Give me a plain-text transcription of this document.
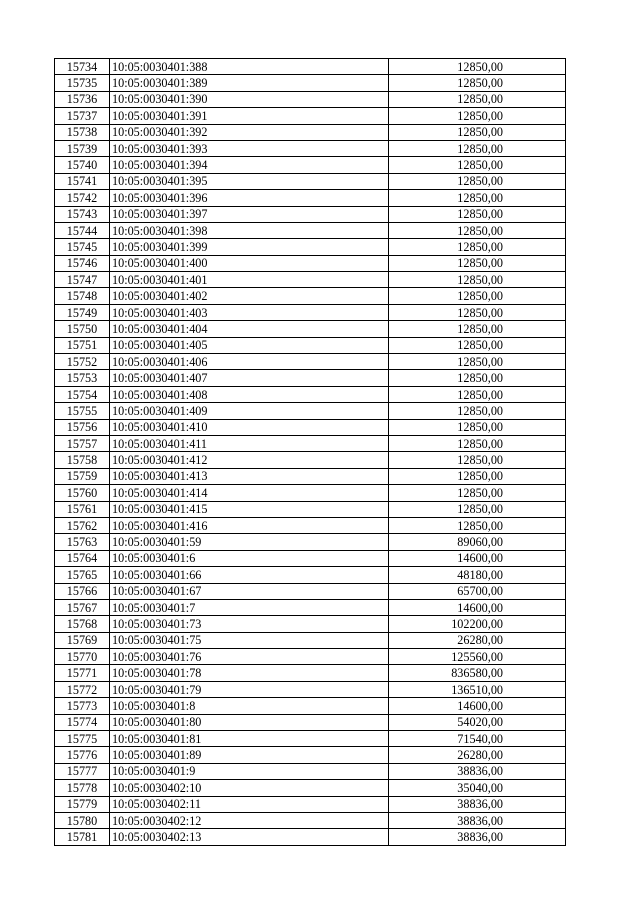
15734	10:05:0030401:388	12850,00
15735	10:05:0030401:389	12850,00
15736	10:05:0030401:390	12850,00
15737	10:05:0030401:391	12850,00
15738	10:05:0030401:392	12850,00
15739	10:05:0030401:393	12850,00
15740	10:05:0030401:394	12850,00
15741	10:05:0030401:395	12850,00
15742	10:05:0030401:396	12850,00
15743	10:05:0030401:397	12850,00
15744	10:05:0030401:398	12850,00
15745	10:05:0030401:399	12850,00
15746	10:05:0030401:400	12850,00
15747	10:05:0030401:401	12850,00
15748	10:05:0030401:402	12850,00
15749	10:05:0030401:403	12850,00
15750	10:05:0030401:404	12850,00
15751	10:05:0030401:405	12850,00
15752	10:05:0030401:406	12850,00
15753	10:05:0030401:407	12850,00
15754	10:05:0030401:408	12850,00
15755	10:05:0030401:409	12850,00
15756	10:05:0030401:410	12850,00
15757	10:05:0030401:411	12850,00
15758	10:05:0030401:412	12850,00
15759	10:05:0030401:413	12850,00
15760	10:05:0030401:414	12850,00
15761	10:05:0030401:415	12850,00
15762	10:05:0030401:416	12850,00
15763	10:05:0030401:59	89060,00
15764	10:05:0030401:6	14600,00
15765	10:05:0030401:66	48180,00
15766	10:05:0030401:67	65700,00
15767	10:05:0030401:7	14600,00
15768	10:05:0030401:73	102200,00
15769	10:05:0030401:75	26280,00
15770	10:05:0030401:76	125560,00
15771	10:05:0030401:78	836580,00
15772	10:05:0030401:79	136510,00
15773	10:05:0030401:8	14600,00
15774	10:05:0030401:80	54020,00
15775	10:05:0030401:81	71540,00
15776	10:05:0030401:89	26280,00
15777	10:05:0030401:9	38836,00
15778	10:05:0030402:10	35040,00
15779	10:05:0030402:11	38836,00
15780	10:05:0030402:12	38836,00
15781	10:05:0030402:13	38836,00
